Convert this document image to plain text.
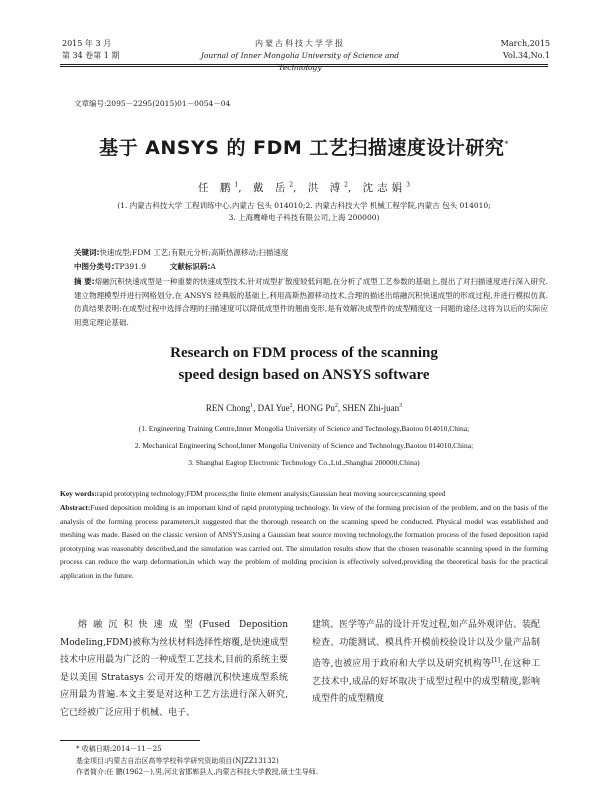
2015 年 3 月
第 34 卷第 1 期
内蒙古科技大学学报
Journal of Inner Mongolia University of Science and Technology
March,2015
Vol.34,No.1
文章编号:2095－2295(2015)01－0054－04
基于 ANSYS 的 FDM 工艺扫描速度设计研究*
任 鹏$^1$, 戴 岳$^2$, 洪 溥$^2$, 沈志娟$^3$
(1. 内蒙古科技大学 工程训练中心,内蒙古 包头 014010;2. 内蒙古科技大学 机械工程学院,内蒙古 包头 014010;
3. 上海鹰峰电子科技有限公司,上海 200000)
关键词:快速成型;FDM 工艺;有限元分析;高斯热源移动;扫描速度
中图分类号:TP391.9	文献标识码:A
摘 要:熔融沉积快速成型是一种重要的快速成型技术,针对成型扩散度较低问题,在分析了成型工艺参数的基础上,提出了对扫描速度进行深入研究.建立物理模型并进行网格划分,在 ANSYS 经典版的基础上,利用高斯热源移动技术,合理的描述出熔融沉积快速成型的形成过程,并进行模拟仿真.仿真结果表明:在成型过程中选择合理的扫描速度可以降低成型件的翘曲变形,是有效解决成型件的成型精度这一问题的途径,这将为以后的实际应用奠定理论基础.
Research on FDM process of the scanning
speed design based on ANSYS software
REN Chong$^1$, DAI Yue$^2$, HONG Pu$^2$, SHEN Zhi-juan$^3$
(1. Engineering Training Centre,Inner Mongolia University of Science and Technology,Baotou 014010,China;
2. Mechanical Engineering School,Inner Mongolia University of Science and Technology,Baotou 014010,China;
3. Shanghai Eagtop Electronic Technology Co.,Ltd.,Shanghai 200000,China)
Key words:rapid prototyping technology;FDM process;the finite element analysis;Gaussian heat moving source;scanning speed
Abstract:Fused deposition molding is an important kind of rapid prototyping technology. In view of the forming precision of the problem, and on the basis of the analysis of the forming process parameters,it suggested that the thorough research on the scanning speed be conducted. Physical model was established and meshing was made. Based on the classic version of ANSYS,using a Gaussian heat source moving technology,the formation process of the fused deposition rapid prototyping was reasonably described,and the simulation was carried out. The simulation results show that the chosen reasonable scanning speed in the forming process can reduce the warp deformation,in which way the problem of molding precision is effectively solved,providing the theoretical basis for the practical application in the future.
熔融沉积快速成型(Fused Deposition Modeling,FDM)被称为丝状材料选择性熔覆,是快速成型技术中应用最为广泛的一种成型工艺技术,目前的系统主要是以美国 Stratasys 公司开发的熔融沉积快速成型系统应用最为普遍.本文主要是对这种工艺方法进行深入研究,它已经被广泛应用于机械、电子、
建筑、医学等产品的设计开发过程,如产品外观评估、装配检查、功能测试、模具件开模前校验设计以及少量产品制造等,也被应用于政府和大学以及研究机构等[1].在这种工艺技术中,成品的好坏取决于成型过程中的成型精度,影响成型件的成型精度
* 收稿日期:2014－11－25
基金项目:内蒙古自治区高等学校科学研究资助项目(NJZZ13132)
作者简介:任 鹏(1962－),男,河北省邯郸县人,内蒙古科技大学教授,硕士生导师.
